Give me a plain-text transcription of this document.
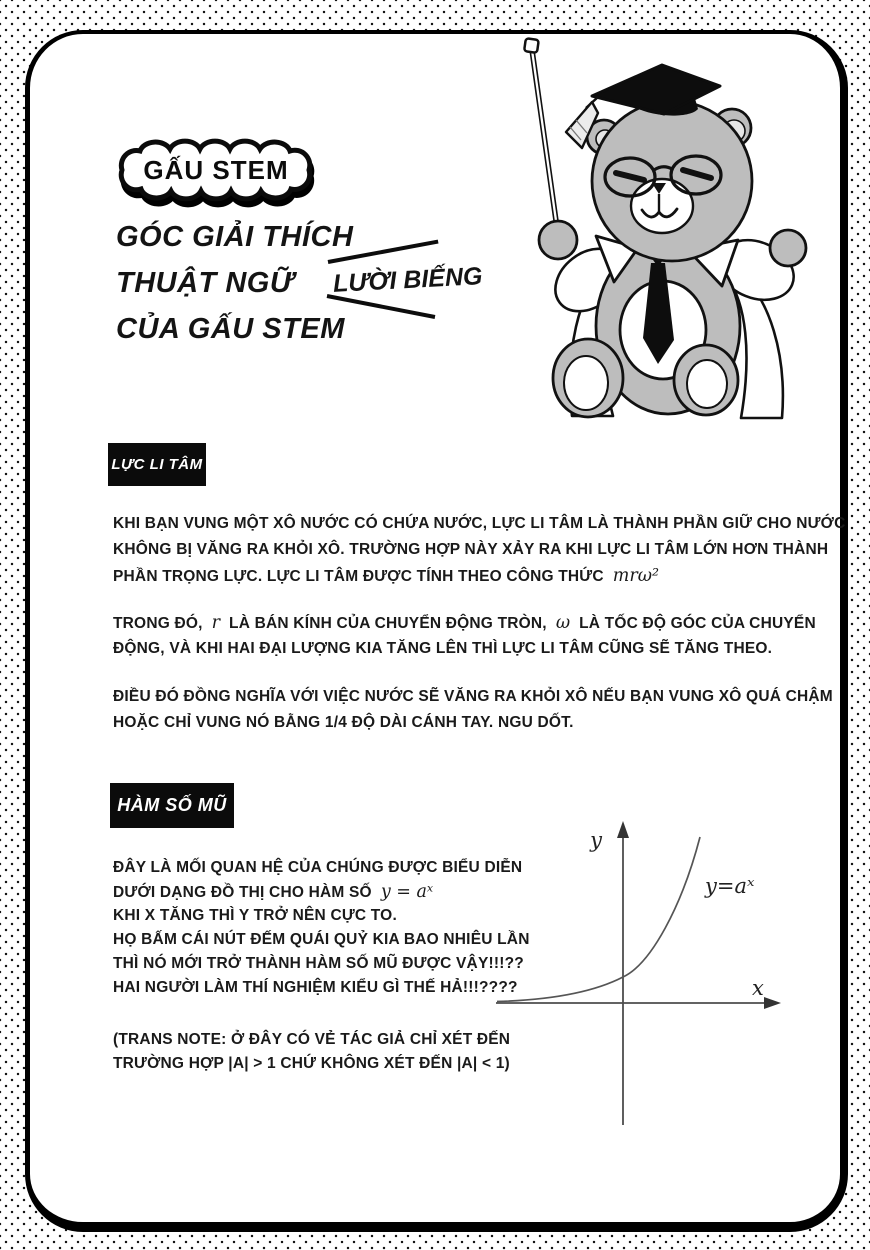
GẤU STEM
GÓC GIẢI THÍCH
THUẬT NGỮ
CỦA GẤU STEM
LƯỜI BIẾNG
LỰC LI TÂM
KHI BẠN VUNG MỘT XÔ NƯỚC CÓ CHỨA NƯỚC, LỰC LI TÂM LÀ THÀNH PHẦN GIỮ CHO NƯỚC
KHÔNG BỊ VĂNG RA KHỎI XÔ. TRƯỜNG HỢP NÀY XẢY RA KHI LỰC LI TÂM LỚN HƠN THÀNH
PHẦN TRỌNG LỰC. LỰC LI TÂM ĐƯỢC TÍNH THEO CÔNG THỨC mrω²
TRONG ĐÓ, r LÀ BÁN KÍNH CỦA CHUYỂN ĐỘNG TRÒN, ω LÀ TỐC ĐỘ GÓC CỦA CHUYỂN
ĐỘNG, VÀ KHI HAI ĐẠI LƯỢNG KIA TĂNG LÊN THÌ LỰC LI TÂM CŨNG SẼ TĂNG THEO.
ĐIỀU ĐÓ ĐỒNG NGHĨA VỚI VIỆC NƯỚC SẼ VĂNG RA KHỎI XÔ NẾU BẠN VUNG XÔ QUÁ CHẬM
HOẶC CHỈ VUNG NÓ BẰNG 1/4 ĐỘ DÀI CÁNH TAY. NGU DỐT.
HÀM SỐ MŨ
ĐÂY LÀ MỐI QUAN HỆ CỦA CHÚNG ĐƯỢC BIỂU DIỄN
DƯỚI DẠNG ĐỒ THỊ CHO HÀM SỐ y = aˣ
KHI X TĂNG THÌ Y TRỞ NÊN CỰC TO.
HỌ BẤM CÁI NÚT ĐẾM QUÁI QUỶ KIA BAO NHIÊU LẦN
THÌ NÓ MỚI TRỞ THÀNH HÀM SỐ MŨ ĐƯỢC VẬY!!!??
HAI NGƯỜI LÀM THÍ NGHIỆM KIỂU GÌ THẾ HẢ!!!????
(TRANS NOTE: Ở ĐÂY CÓ VẺ TÁC GIẢ CHỈ XÉT ĐẾN
TRƯỜNG HỢP |A| > 1 CHỨ KHÔNG XÉT ĐẾN |A| < 1)
y
x
y=aˣ
